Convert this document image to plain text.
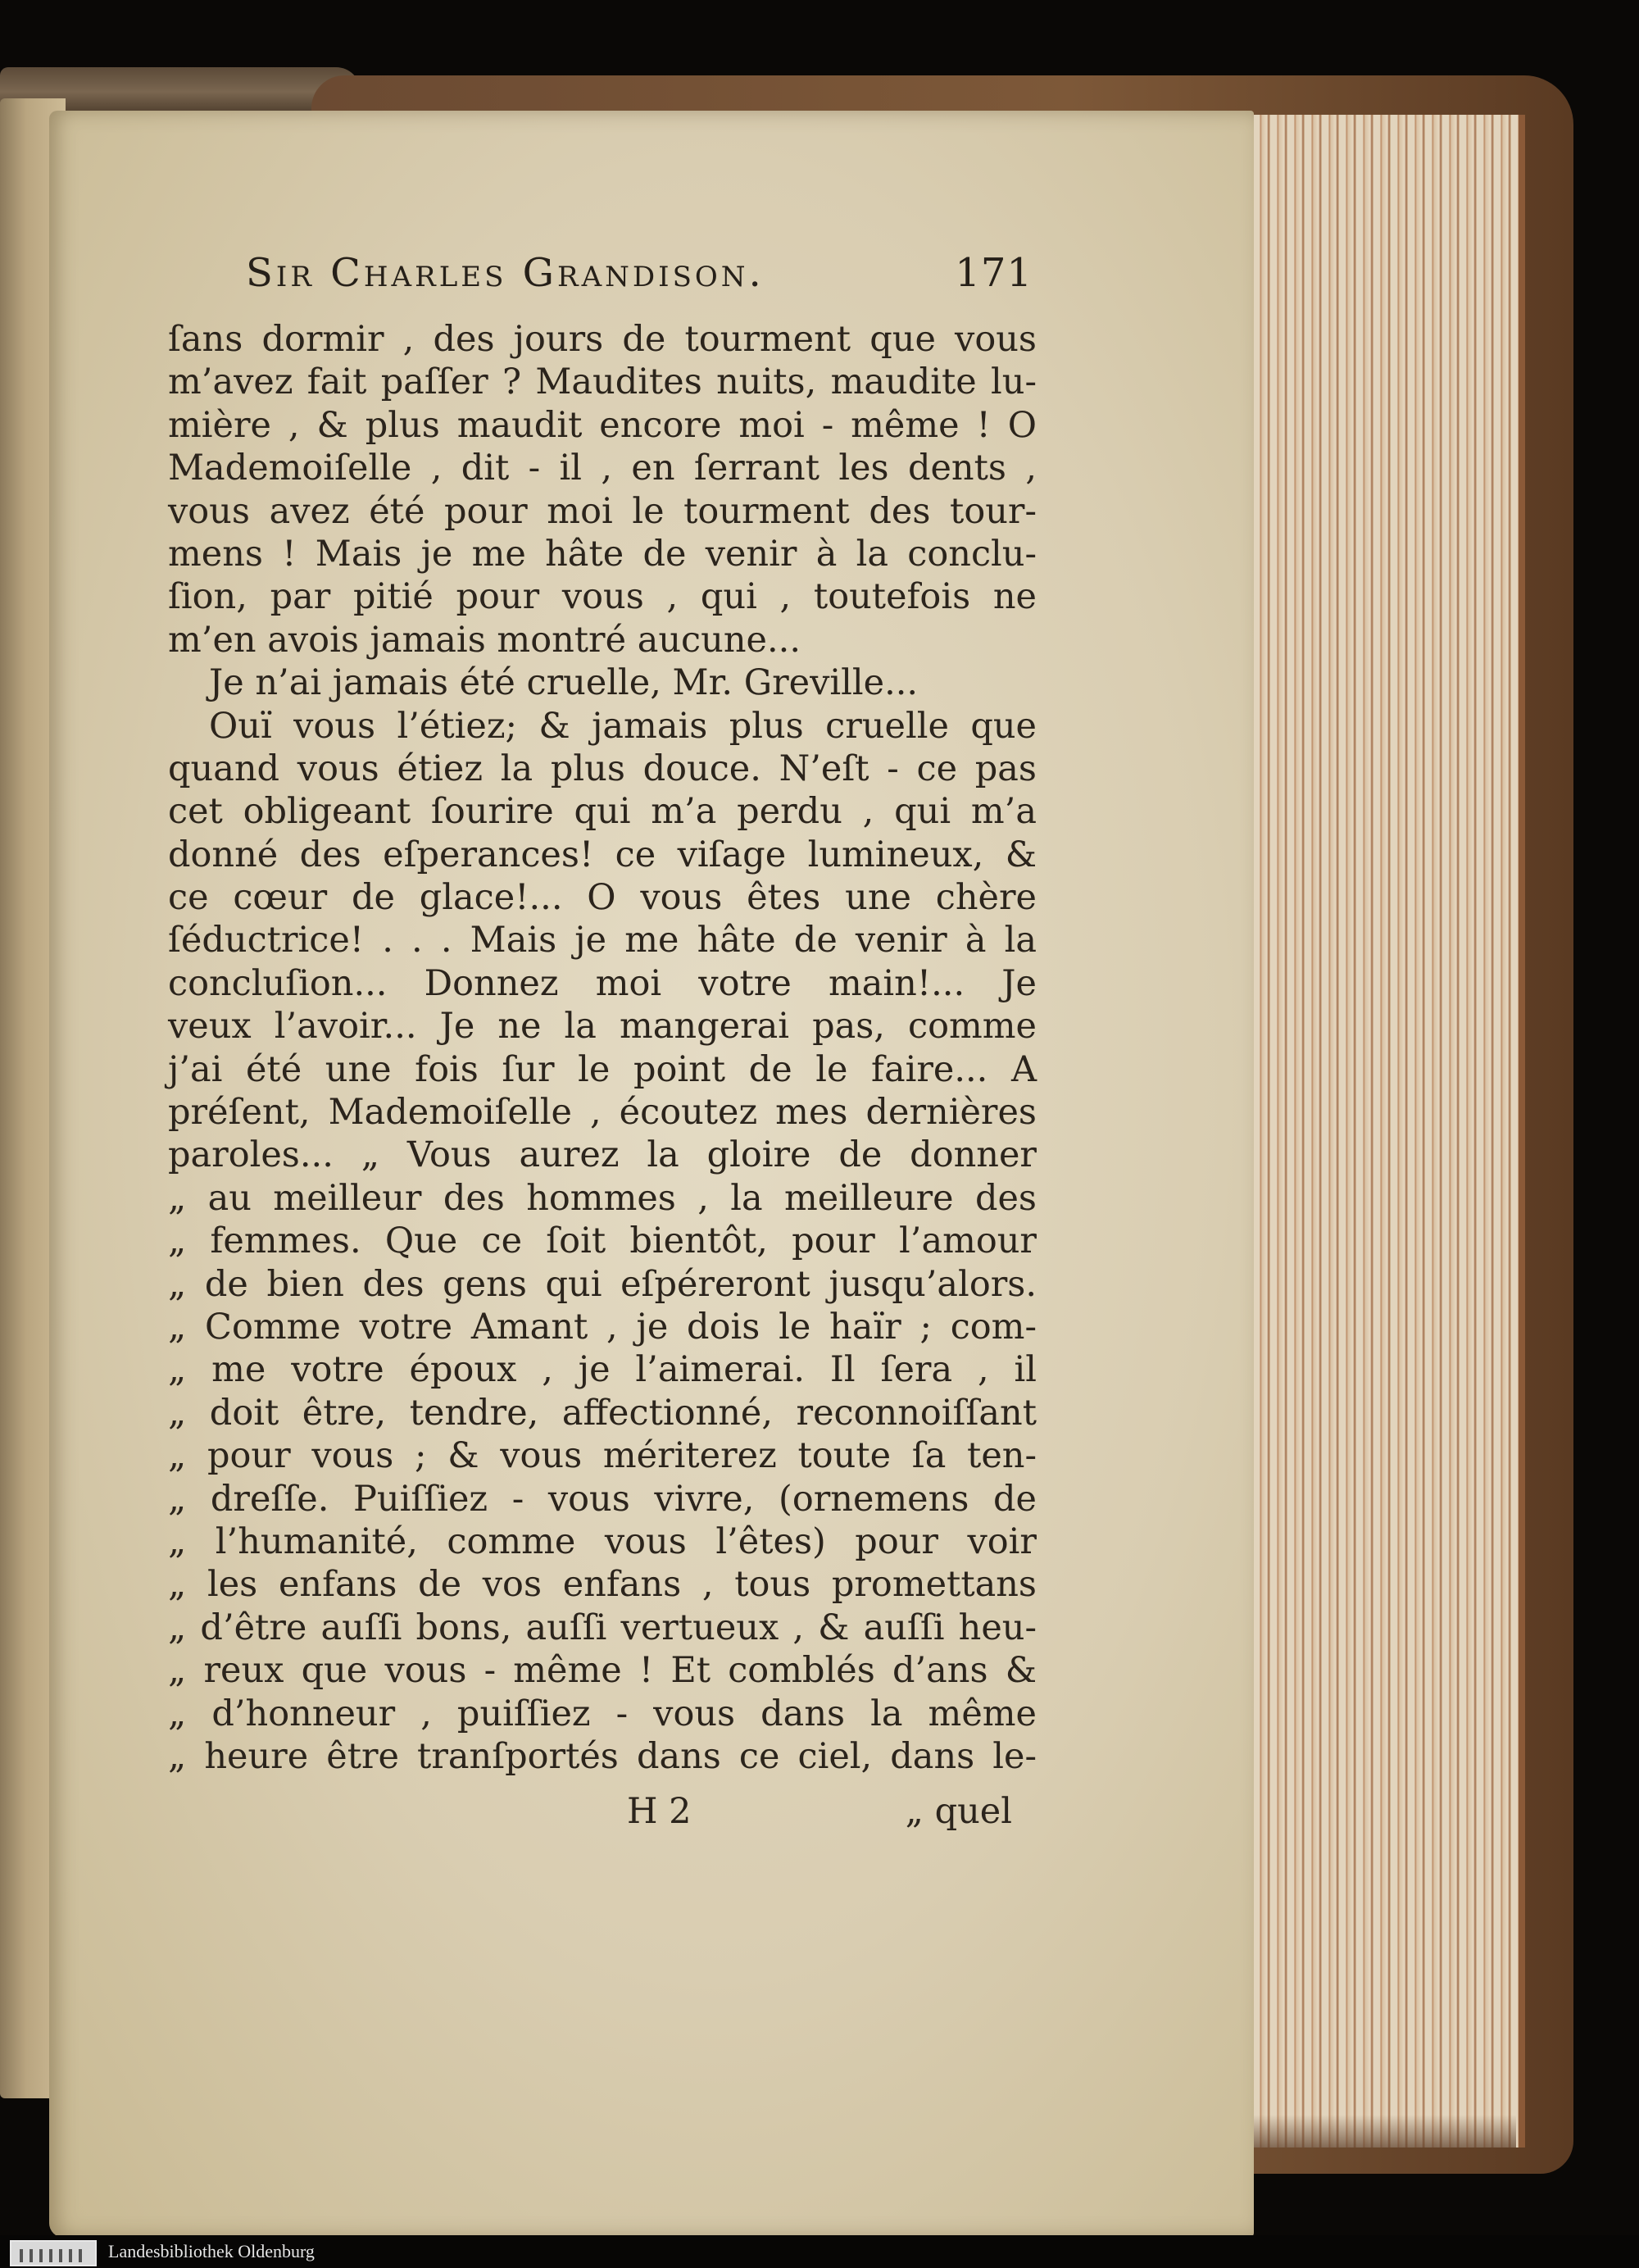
Sir Charles Grandison.	171
ſans dormir , des jours de tourment que vous
m’avez fait paſſer ? Maudites nuits, maudite lu-
mière , & plus maudit encore moi - même ! O
Mademoiſelle , dit - il , en ſerrant les dents ,
vous avez été pour moi le tourment des tour-
mens ! Mais je me hâte de venir à la conclu-
ſion, par pitié pour vous , qui , toutefois ne
m’en avois jamais montré aucune...
Je n’ai jamais été cruelle, Mr. Greville...
Ouï vous l’étiez; & jamais plus cruelle que
quand vous étiez la plus douce. N’eſt - ce pas
cet obligeant ſourire qui m’a perdu , qui m’a
donné des eſperances! ce viſage lumineux, &
ce cœur de glace!... O vous êtes une chère
ſéductrice! . . . Mais je me hâte de venir à la
concluſion... Donnez moi votre main!... Je
veux l’avoir... Je ne la mangerai pas, comme
j’ai été une fois ſur le point de le faire... A
préſent, Mademoiſelle , écoutez mes dernières
paroles... „ Vous aurez la gloire de donner
„ au meilleur des hommes , la meilleure des
„ femmes. Que ce ſoit bientôt, pour l’amour
„ de bien des gens qui eſpéreront jusqu’alors.
„ Comme votre Amant , je dois le haïr ; com-
„ me votre époux , je l’aimerai. Il ſera , il
„ doit être, tendre, affectionné, reconnoiſſant
„ pour vous ; & vous mériterez toute ſa ten-
„ dreſſe. Puiſſiez - vous vivre, (ornemens de
„ l’humanité, comme vous l’êtes) pour voir
„ les enfans de vos enfans , tous promettans
„ d’être auſſi bons, auſſi vertueux , & auſſi heu-
„ reux que vous - même ! Et comblés d’ans &
„ d’honneur , puiſſiez - vous dans la même
„ heure être tranſportés dans ce ciel, dans le-
H 2	„ quel
Landesbibliothek Oldenburg
